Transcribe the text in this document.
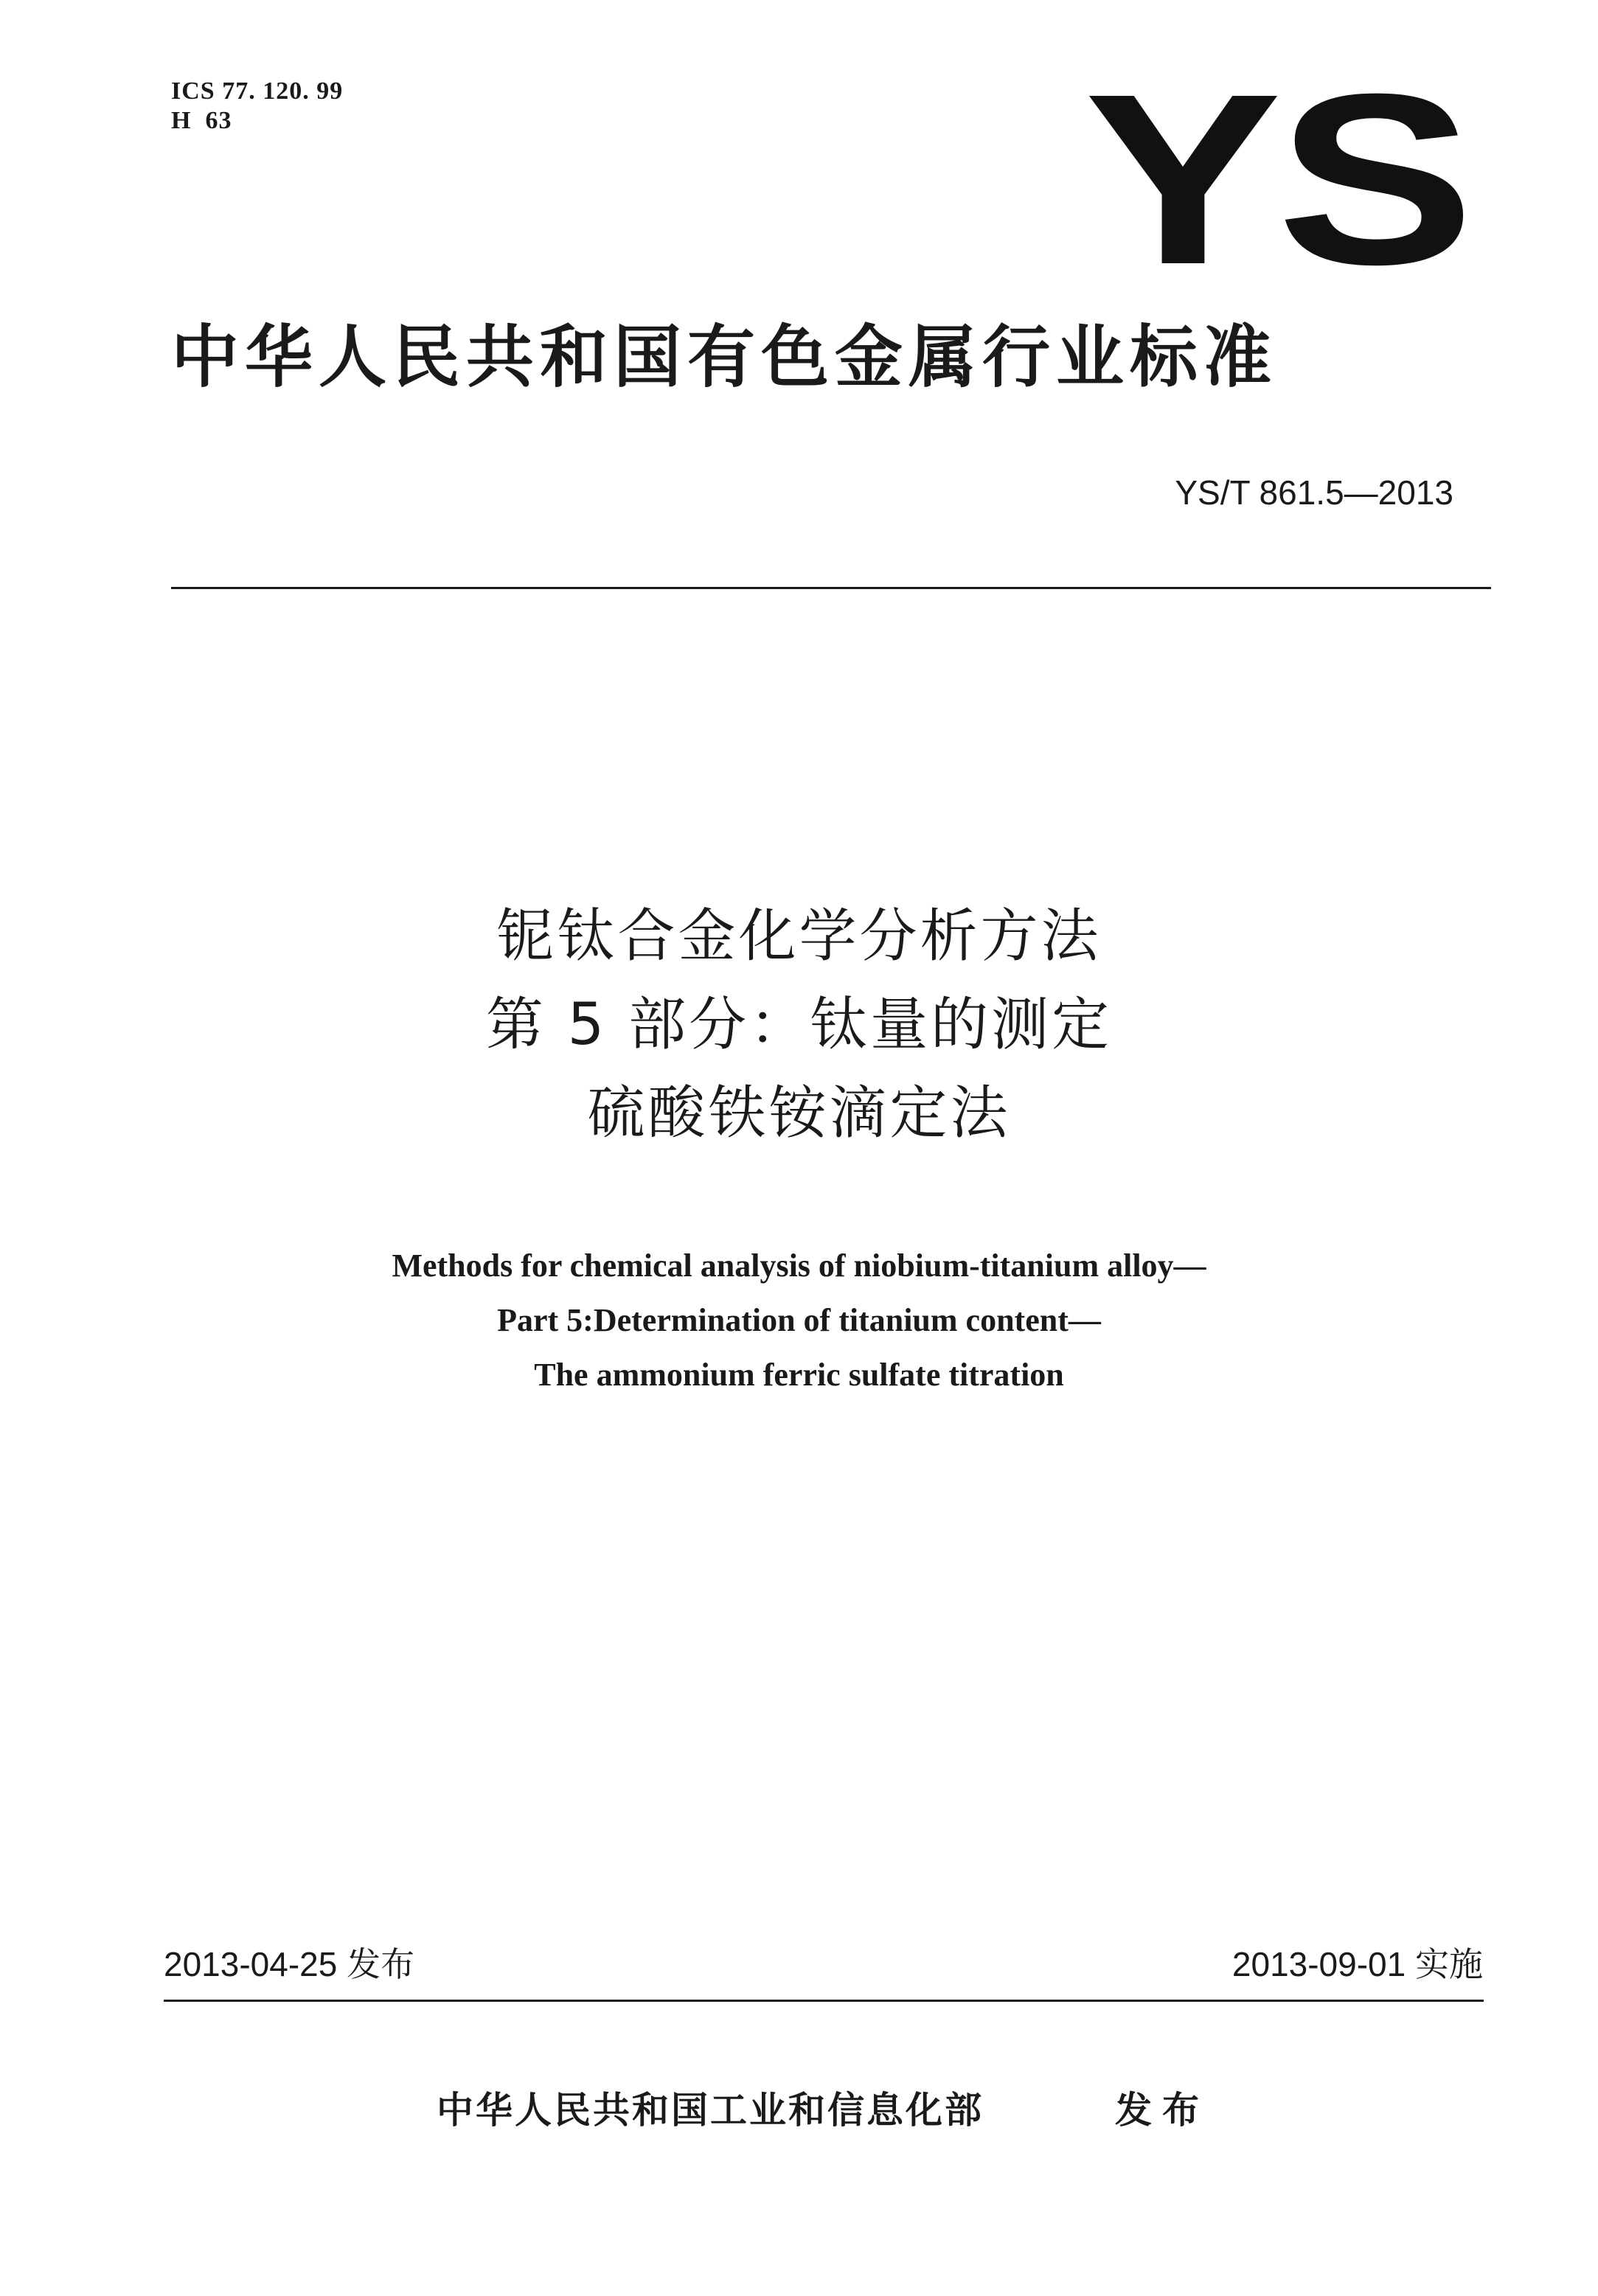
ICS 77. 120. 99
H  63	YS
中华人民共和国有色金属行业标准
YS/T 861.5—2013
铌钛合金化学分析方法
第 5 部分：钛量的测定
硫酸铁铵滴定法
Methods for chemical analysis of niobium-titanium alloy—
Part 5:Determination of titanium content—
The ammonium ferric sulfate titration
2013-04-25 发布	2013-09-01 实施
中华人民共和国工业和信息化部	发布
